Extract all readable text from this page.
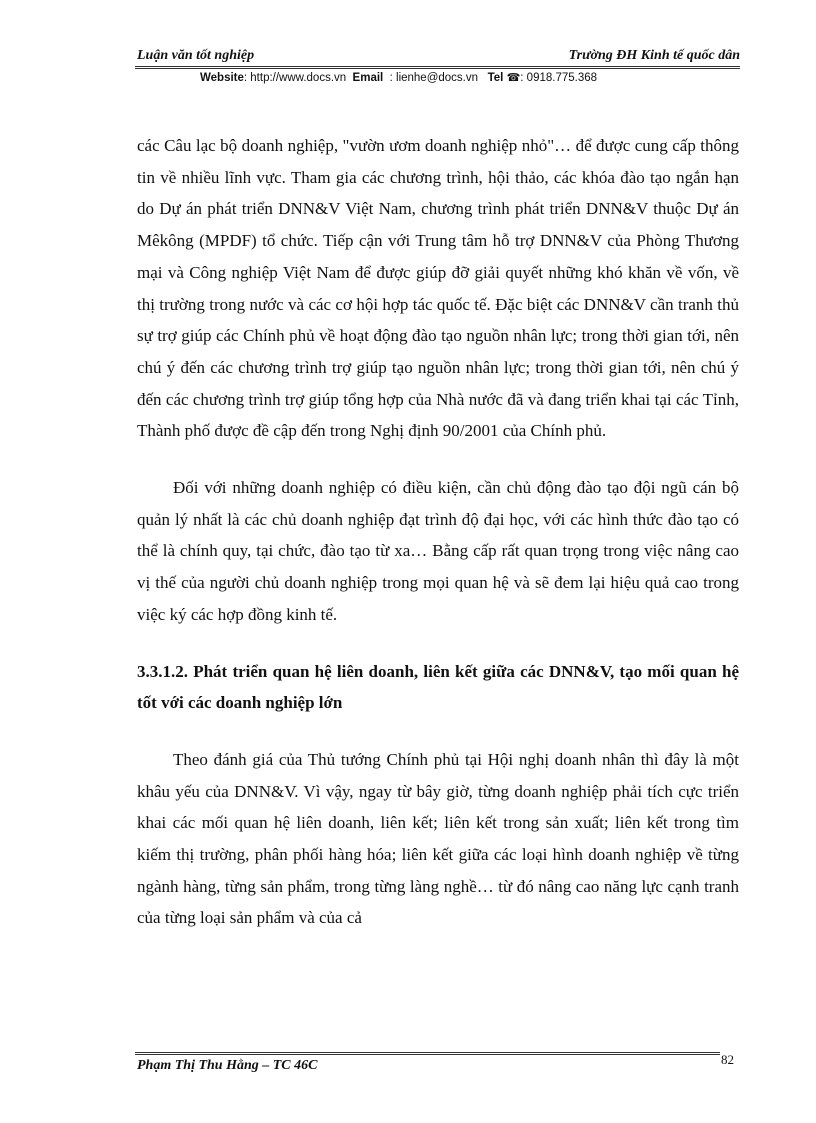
Luận văn tốt nghiệp	Trường ĐH Kinh tế quốc dân
Website: http://www.docs.vn Email : lienhe@docs.vn Tel ☎: 0918.775.368

các Câu lạc bộ doanh nghiệp, "vườn ươm doanh nghiệp nhỏ"… để được cung cấp thông tin về nhiều lĩnh vực. Tham gia các chương trình, hội thảo, các khóa đào tạo ngắn hạn do Dự án phát triển DNN&V Việt Nam, chương trình phát triển DNN&V thuộc Dự án Mêkông (MPDF) tổ chức. Tiếp cận với Trung tâm hỗ trợ DNN&V của Phòng Thương mại và Công nghiệp Việt Nam để được giúp đỡ giải quyết những khó khăn về vốn, về thị trường trong nước và các cơ hội hợp tác quốc tế. Đặc biệt các DNN&V cần tranh thủ sự trợ giúp các Chính phủ về hoạt động đào tạo nguồn nhân lực; trong thời gian tới, nên chú ý đến các chương trình trợ giúp tạo nguồn nhân lực; trong thời gian tới, nên chú ý đến các chương trình trợ giúp tổng hợp của Nhà nước đã và đang triển khai tại các Tỉnh, Thành phố được đề cập đến trong Nghị định 90/2001 của Chính phủ.

Đối với những doanh nghiệp có điều kiện, cần chủ động đào tạo đội ngũ cán bộ quản lý nhất là các chủ doanh nghiệp đạt trình độ đại học, với các hình thức đào tạo có thể là chính quy, tại chức, đào tạo từ xa… Bằng cấp rất quan trọng trong việc nâng cao vị thế của người chủ doanh nghiệp trong mọi quan hệ và sẽ đem lại hiệu quả cao trong việc ký các hợp đồng kinh tế.

3.3.1.2. Phát triển quan hệ liên doanh, liên kết giữa các DNN&V, tạo mối quan hệ tốt với các doanh nghiệp lớn

Theo đánh giá của Thủ tướng Chính phủ tại Hội nghị doanh nhân thì đây là một khâu yếu của DNN&V. Vì vậy, ngay từ bây giờ, từng doanh nghiệp phải tích cực triển khai các mối quan hệ liên doanh, liên kết; liên kết trong sản xuất; liên kết trong tìm kiếm thị trường, phân phối hàng hóa; liên kết giữa các loại hình doanh nghiệp về từng ngành hàng, từng sản phẩm, trong từng làng nghề… từ đó nâng cao năng lực cạnh tranh của từng loại sản phẩm và của cả

Phạm Thị Thu Hằng – TC 46C	82
